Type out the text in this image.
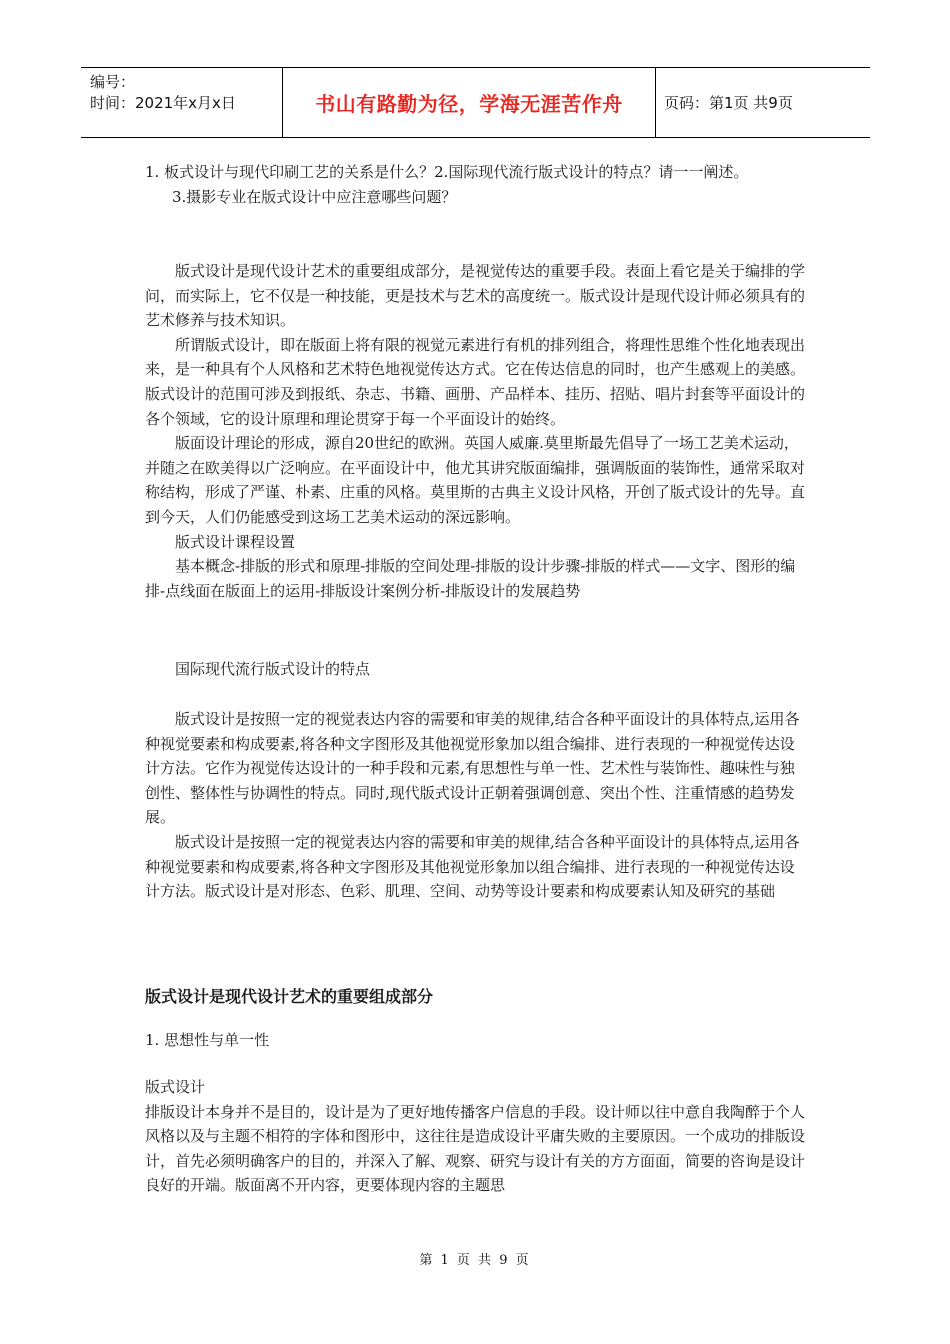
编号：
时间：2021年x月x日	书山有路勤为径，学海无涯苦作舟	页码：第1页 共9页
1. 板式设计与现代印刷工艺的关系是什么？2.国际现代流行版式设计的特点？请一一阐述。
3.摄影专业在版式设计中应注意哪些问题？

版式设计是现代设计艺术的重要组成部分，是视觉传达的重要手段。表面上看它是关于编排的学问，而实际上，它不仅是一种技能，更是技术与艺术的高度统一。版式设计是现代设计师必须具有的艺术修养与技术知识。

所谓版式设计，即在版面上将有限的视觉元素进行有机的排列组合，将理性思维个性化地表现出来，是一种具有个人风格和艺术特色地视觉传达方式。它在传达信息的同时，也产生感观上的美感。版式设计的范围可涉及到报纸、杂志、书籍、画册、产品样本、挂历、招贴、唱片封套等平面设计的各个领域，它的设计原理和理论贯穿于每一个平面设计的始终。

版面设计理论的形成，源自20世纪的欧洲。英国人威廉.莫里斯最先倡导了一场工艺美术运动，并随之在欧美得以广泛响应。在平面设计中，他尤其讲究版面编排，强调版面的装饰性，通常采取对称结构，形成了严谨、朴素、庄重的风格。莫里斯的古典主义设计风格，开创了版式设计的先导。直到今天，人们仍能感受到这场工艺美术运动的深远影响。

版式设计课程设置

基本概念-排版的形式和原理-排版的空间处理-排版的设计步骤-排版的样式——文字、图形的编排-点线面在版面上的运用-排版设计案例分析-排版设计的发展趋势

国际现代流行版式设计的特点

版式设计是按照一定的视觉表达内容的需要和审美的规律,结合各种平面设计的具体特点,运用各种视觉要素和构成要素,将各种文字图形及其他视觉形象加以组合编排、进行表现的一种视觉传达设计方法。它作为视觉传达设计的一种手段和元素,有思想性与单一性、艺术性与装饰性、趣味性与独创性、整体性与协调性的特点。同时,现代版式设计正朝着强调创意、突出个性、注重情感的趋势发展。

版式设计是按照一定的视觉表达内容的需要和审美的规律,结合各种平面设计的具体特点,运用各种视觉要素和构成要素,将各种文字图形及其他视觉形象加以组合编排、进行表现的一种视觉传达设计方法。版式设计是对形态、色彩、肌理、空间、动势等设计要素和构成要素认知及研究的基础

版式设计是现代设计艺术的重要组成部分

1. 思想性与单一性

版式设计

排版设计本身并不是目的，设计是为了更好地传播客户信息的手段。设计师以往中意自我陶醉于个人风格以及与主题不相符的字体和图形中，这往往是造成设计平庸失败的主要原因。一个成功的排版设计，首先必须明确客户的目的，并深入了解、观察、研究与设计有关的方方面面，简要的咨询是设计良好的开端。版面离不开内容，更要体现内容的主题思

第 1 页 共 9 页
